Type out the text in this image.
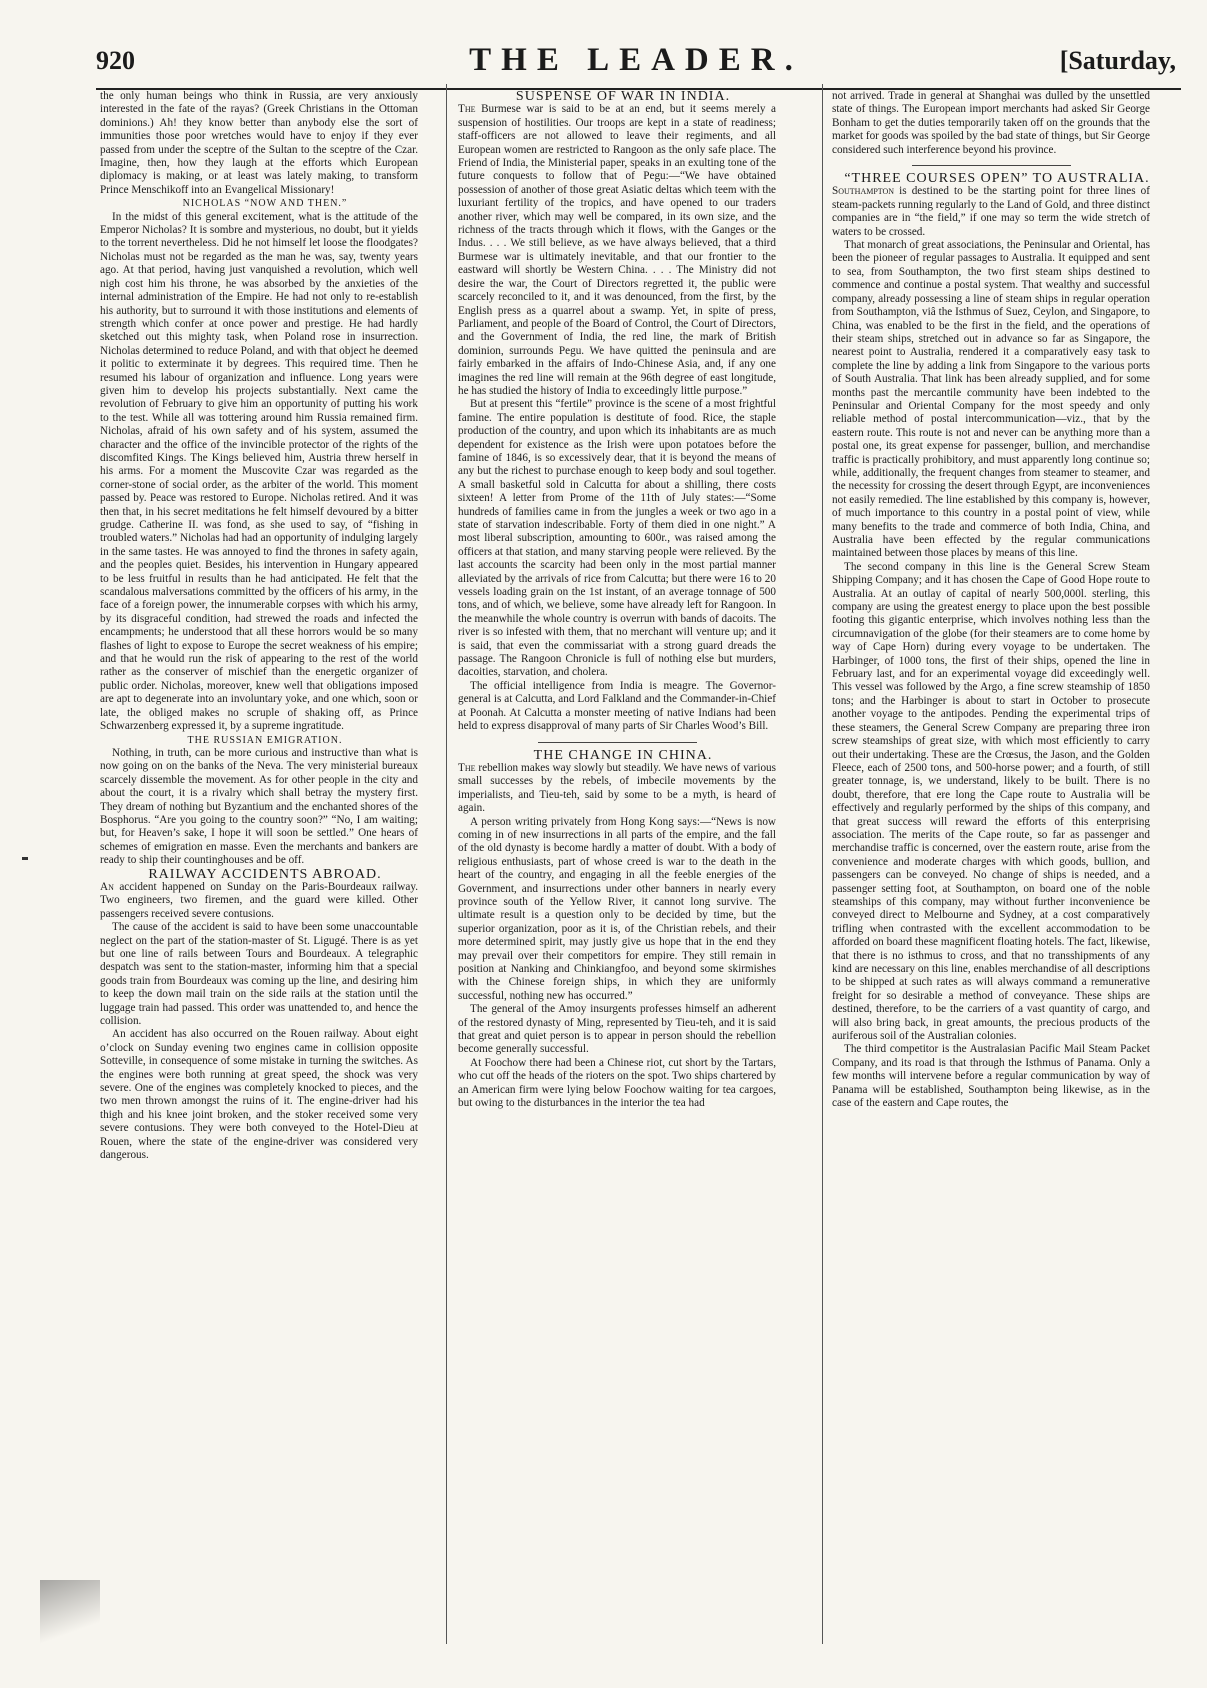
920	THE LEADER.	[Saturday,

the only human beings who think in Russia, are very anxiously interested in the fate of the rayas? (Greek Christians in the Ottoman dominions.) Ah! they know better than anybody else the sort of immunities those poor wretches would have to enjoy if they ever passed from under the sceptre of the Sultan to the sceptre of the Czar. Imagine, then, how they laugh at the efforts which European diplomacy is making, or at least was lately making, to transform Prince Menschikoff into an Evangelical Missionary!

NICHOLAS “NOW AND THEN.”

In the midst of this general excitement, what is the attitude of the Emperor Nicholas? It is sombre and mysterious, no doubt, but it yields to the torrent nevertheless. Did he not himself let loose the floodgates? Nicholas must not be regarded as the man he was, say, twenty years ago. At that period, having just vanquished a revolution, which well nigh cost him his throne, he was absorbed by the anxieties of the internal administration of the Empire. He had not only to re-establish his authority, but to surround it with those institutions and elements of strength which confer at once power and prestige. He had hardly sketched out this mighty task, when Poland rose in insurrection. Nicholas determined to reduce Poland, and with that object he deemed it politic to exterminate it by degrees. This required time. Then he resumed his labour of organization and influence. Long years were given him to develop his projects substantially. Next came the revolution of February to give him an opportunity of putting his work to the test. While all was tottering around him Russia remained firm. Nicholas, afraid of his own safety and of his system, assumed the character and the office of the invincible protector of the rights of the discomfited Kings. The Kings believed him, Austria threw herself in his arms. For a moment the Muscovite Czar was regarded as the corner-stone of social order, as the arbiter of the world. This moment passed by. Peace was restored to Europe. Nicholas retired. And it was then that, in his secret meditations he felt himself devoured by a bitter grudge. Catherine II. was fond, as she used to say, of “fishing in troubled waters.” Nicholas had had an opportunity of indulging largely in the same tastes. He was annoyed to find the thrones in safety again, and the peoples quiet. Besides, his intervention in Hungary appeared to be less fruitful in results than he had anticipated. He felt that the scandalous malversations committed by the officers of his army, in the face of a foreign power, the innumerable corpses with which his army, by its disgraceful condition, had strewed the roads and infected the encampments; he understood that all these horrors would be so many flashes of light to expose to Europe the secret weakness of his empire; and that he would run the risk of appearing to the rest of the world rather as the conserver of mischief than the energetic organizer of public order. Nicholas, moreover, knew well that obligations imposed are apt to degenerate into an involuntary yoke, and one which, soon or late, the obliged makes no scruple of shaking off, as Prince Schwarzenberg expressed it, by a supreme ingratitude.

THE RUSSIAN EMIGRATION.

Nothing, in truth, can be more curious and instructive than what is now going on on the banks of the Neva. The very ministerial bureaux scarcely dissemble the movement. As for other people in the city and about the court, it is a rivalry which shall betray the mystery first. They dream of nothing but Byzantium and the enchanted shores of the Bosphorus. “Are you going to the country soon?” “No, I am waiting; but, for Heaven’s sake, I hope it will soon be settled.” One hears of schemes of emigration en masse. Even the merchants and bankers are ready to ship their countinghouses and be off.

RAILWAY ACCIDENTS ABROAD.

An accident happened on Sunday on the Paris-Bourdeaux railway. Two engineers, two firemen, and the guard were killed. Other passengers received severe contusions.

The cause of the accident is said to have been some unaccountable neglect on the part of the station-master of St. Ligugé. There is as yet but one line of rails between Tours and Bourdeaux. A telegraphic despatch was sent to the station-master, informing him that a special goods train from Bourdeaux was coming up the line, and desiring him to keep the down mail train on the side rails at the station until the luggage train had passed. This order was unattended to, and hence the collision.

An accident has also occurred on the Rouen railway. About eight o’clock on Sunday evening two engines came in collision opposite Sotteville, in consequence of some mistake in turning the switches. As the engines were both running at great speed, the shock was very severe. One of the engines was completely knocked to pieces, and the two men thrown amongst the ruins of it. The engine-driver had his thigh and his knee joint broken, and the stoker received some very severe contusions. They were both conveyed to the Hotel-Dieu at Rouen, where the state of the engine-driver was considered very dangerous.

SUSPENSE OF WAR IN INDIA.

The Burmese war is said to be at an end, but it seems merely a suspension of hostilities. Our troops are kept in a state of readiness; staff-officers are not allowed to leave their regiments, and all European women are restricted to Rangoon as the only safe place. The Friend of India, the Ministerial paper, speaks in an exulting tone of the future conquests to follow that of Pegu:—“We have obtained possession of another of those great Asiatic deltas which teem with the luxuriant fertility of the tropics, and have opened to our traders another river, which may well be compared, in its own size, and the richness of the tracts through which it flows, with the Ganges or the Indus. . . . We still believe, as we have always believed, that a third Burmese war is ultimately inevitable, and that our frontier to the eastward will shortly be Western China. . . . The Ministry did not desire the war, the Court of Directors regretted it, the public were scarcely reconciled to it, and it was denounced, from the first, by the English press as a quarrel about a swamp. Yet, in spite of press, Parliament, and people of the Board of Control, the Court of Directors, and the Government of India, the red line, the mark of British dominion, surrounds Pegu. We have quitted the peninsula and are fairly embarked in the affairs of Indo-Chinese Asia, and, if any one imagines the red line will remain at the 96th degree of east longitude, he has studied the history of India to exceedingly little purpose.”

But at present this “fertile” province is the scene of a most frightful famine. The entire population is destitute of food. Rice, the staple production of the country, and upon which its inhabitants are as much dependent for existence as the Irish were upon potatoes before the famine of 1846, is so excessively dear, that it is beyond the means of any but the richest to purchase enough to keep body and soul together. A small basketful sold in Calcutta for about a shilling, there costs sixteen! A letter from Prome of the 11th of July states:—“Some hundreds of families came in from the jungles a week or two ago in a state of starvation indescribable. Forty of them died in one night.” A most liberal subscription, amounting to 600r., was raised among the officers at that station, and many starving people were relieved. By the last accounts the scarcity had been only in the most partial manner alleviated by the arrivals of rice from Calcutta; but there were 16 to 20 vessels loading grain on the 1st instant, of an average tonnage of 500 tons, and of which, we believe, some have already left for Rangoon. In the meanwhile the whole country is overrun with bands of dacoits. The river is so infested with them, that no merchant will venture up; and it is said, that even the commissariat with a strong guard dreads the passage. The Rangoon Chronicle is full of nothing else but murders, dacoities, starvation, and cholera.

The official intelligence from India is meagre. The Governor-general is at Calcutta, and Lord Falkland and the Commander-in-Chief at Poonah. At Calcutta a monster meeting of native Indians had been held to express disapproval of many parts of Sir Charles Wood’s Bill.

THE CHANGE IN CHINA.

The rebellion makes way slowly but steadily. We have news of various small successes by the rebels, of imbecile movements by the imperialists, and Tieu-teh, said by some to be a myth, is heard of again.

A person writing privately from Hong Kong says:—“News is now coming in of new insurrections in all parts of the empire, and the fall of the old dynasty is become hardly a matter of doubt. With a body of religious enthusiasts, part of whose creed is war to the death in the heart of the country, and engaging in all the feeble energies of the Government, and insurrections under other banners in nearly every province south of the Yellow River, it cannot long survive. The ultimate result is a question only to be decided by time, but the superior organization, poor as it is, of the Christian rebels, and their more determined spirit, may justly give us hope that in the end they may prevail over their competitors for empire. They still remain in position at Nanking and Chinkiangfoo, and beyond some skirmishes with the Chinese foreign ships, in which they are uniformly successful, nothing new has occurred.”

The general of the Amoy insurgents professes himself an adherent of the restored dynasty of Ming, represented by Tieu-teh, and it is said that great and quiet person is to appear in person should the rebellion become generally successful.

At Foochow there had been a Chinese riot, cut short by the Tartars, who cut off the heads of the rioters on the spot. Two ships chartered by an American firm were lying below Foochow waiting for tea cargoes, but owing to the disturbances in the interior the tea had

not arrived. Trade in general at Shanghai was dulled by the unsettled state of things. The European import merchants had asked Sir George Bonham to get the duties temporarily taken off on the grounds that the market for goods was spoiled by the bad state of things, but Sir George considered such interference beyond his province.

“THREE COURSES OPEN” TO AUSTRALIA.

Southampton is destined to be the starting point for three lines of steam-packets running regularly to the Land of Gold, and three distinct companies are in “the field,” if one may so term the wide stretch of waters to be crossed.

That monarch of great associations, the Peninsular and Oriental, has been the pioneer of regular passages to Australia. It equipped and sent to sea, from Southampton, the two first steam ships destined to commence and continue a postal system. That wealthy and successful company, already possessing a line of steam ships in regular operation from Southampton, viâ the Isthmus of Suez, Ceylon, and Singapore, to China, was enabled to be the first in the field, and the operations of their steam ships, stretched out in advance so far as Singapore, the nearest point to Australia, rendered it a comparatively easy task to complete the line by adding a link from Singapore to the various ports of South Australia. That link has been already supplied, and for some months past the mercantile community have been indebted to the Peninsular and Oriental Company for the most speedy and only reliable method of postal intercommunication—viz., that by the eastern route. This route is not and never can be anything more than a postal one, its great expense for passenger, bullion, and merchandise traffic is practically prohibitory, and must apparently long continue so; while, additionally, the frequent changes from steamer to steamer, and the necessity for crossing the desert through Egypt, are inconveniences not easily remedied. The line established by this company is, however, of much importance to this country in a postal point of view, while many benefits to the trade and commerce of both India, China, and Australia have been effected by the regular communications maintained between those places by means of this line.

The second company in this line is the General Screw Steam Shipping Company; and it has chosen the Cape of Good Hope route to Australia. At an outlay of capital of nearly 500,000l. sterling, this company are using the greatest energy to place upon the best possible footing this gigantic enterprise, which involves nothing less than the circumnavigation of the globe (for their steamers are to come home by way of Cape Horn) during every voyage to be undertaken. The Harbinger, of 1000 tons, the first of their ships, opened the line in February last, and for an experimental voyage did exceedingly well. This vessel was followed by the Argo, a fine screw steamship of 1850 tons; and the Harbinger is about to start in October to prosecute another voyage to the antipodes. Pending the experimental trips of these steamers, the General Screw Company are preparing three iron screw steamships of great size, with which most efficiently to carry out their undertaking. These are the Crœsus, the Jason, and the Golden Fleece, each of 2500 tons, and 500-horse power; and a fourth, of still greater tonnage, is, we understand, likely to be built. There is no doubt, therefore, that ere long the Cape route to Australia will be effectively and regularly performed by the ships of this company, and that great success will reward the efforts of this enterprising association. The merits of the Cape route, so far as passenger and merchandise traffic is concerned, over the eastern route, arise from the convenience and moderate charges with which goods, bullion, and passengers can be conveyed. No change of ships is needed, and a passenger setting foot, at Southampton, on board one of the noble steamships of this company, may without further inconvenience be conveyed direct to Melbourne and Sydney, at a cost comparatively trifling when contrasted with the excellent accommodation to be afforded on board these magnificent floating hotels. The fact, likewise, that there is no isthmus to cross, and that no transshipments of any kind are necessary on this line, enables merchandise of all descriptions to be shipped at such rates as will always command a remunerative freight for so desirable a method of conveyance. These ships are destined, therefore, to be the carriers of a vast quantity of cargo, and will also bring back, in great amounts, the precious products of the auriferous soil of the Australian colonies.

The third competitor is the Australasian Pacific Mail Steam Packet Company, and its road is that through the Isthmus of Panama. Only a few months will intervene before a regular communication by way of Panama will be established, Southampton being likewise, as in the case of the eastern and Cape routes, the
